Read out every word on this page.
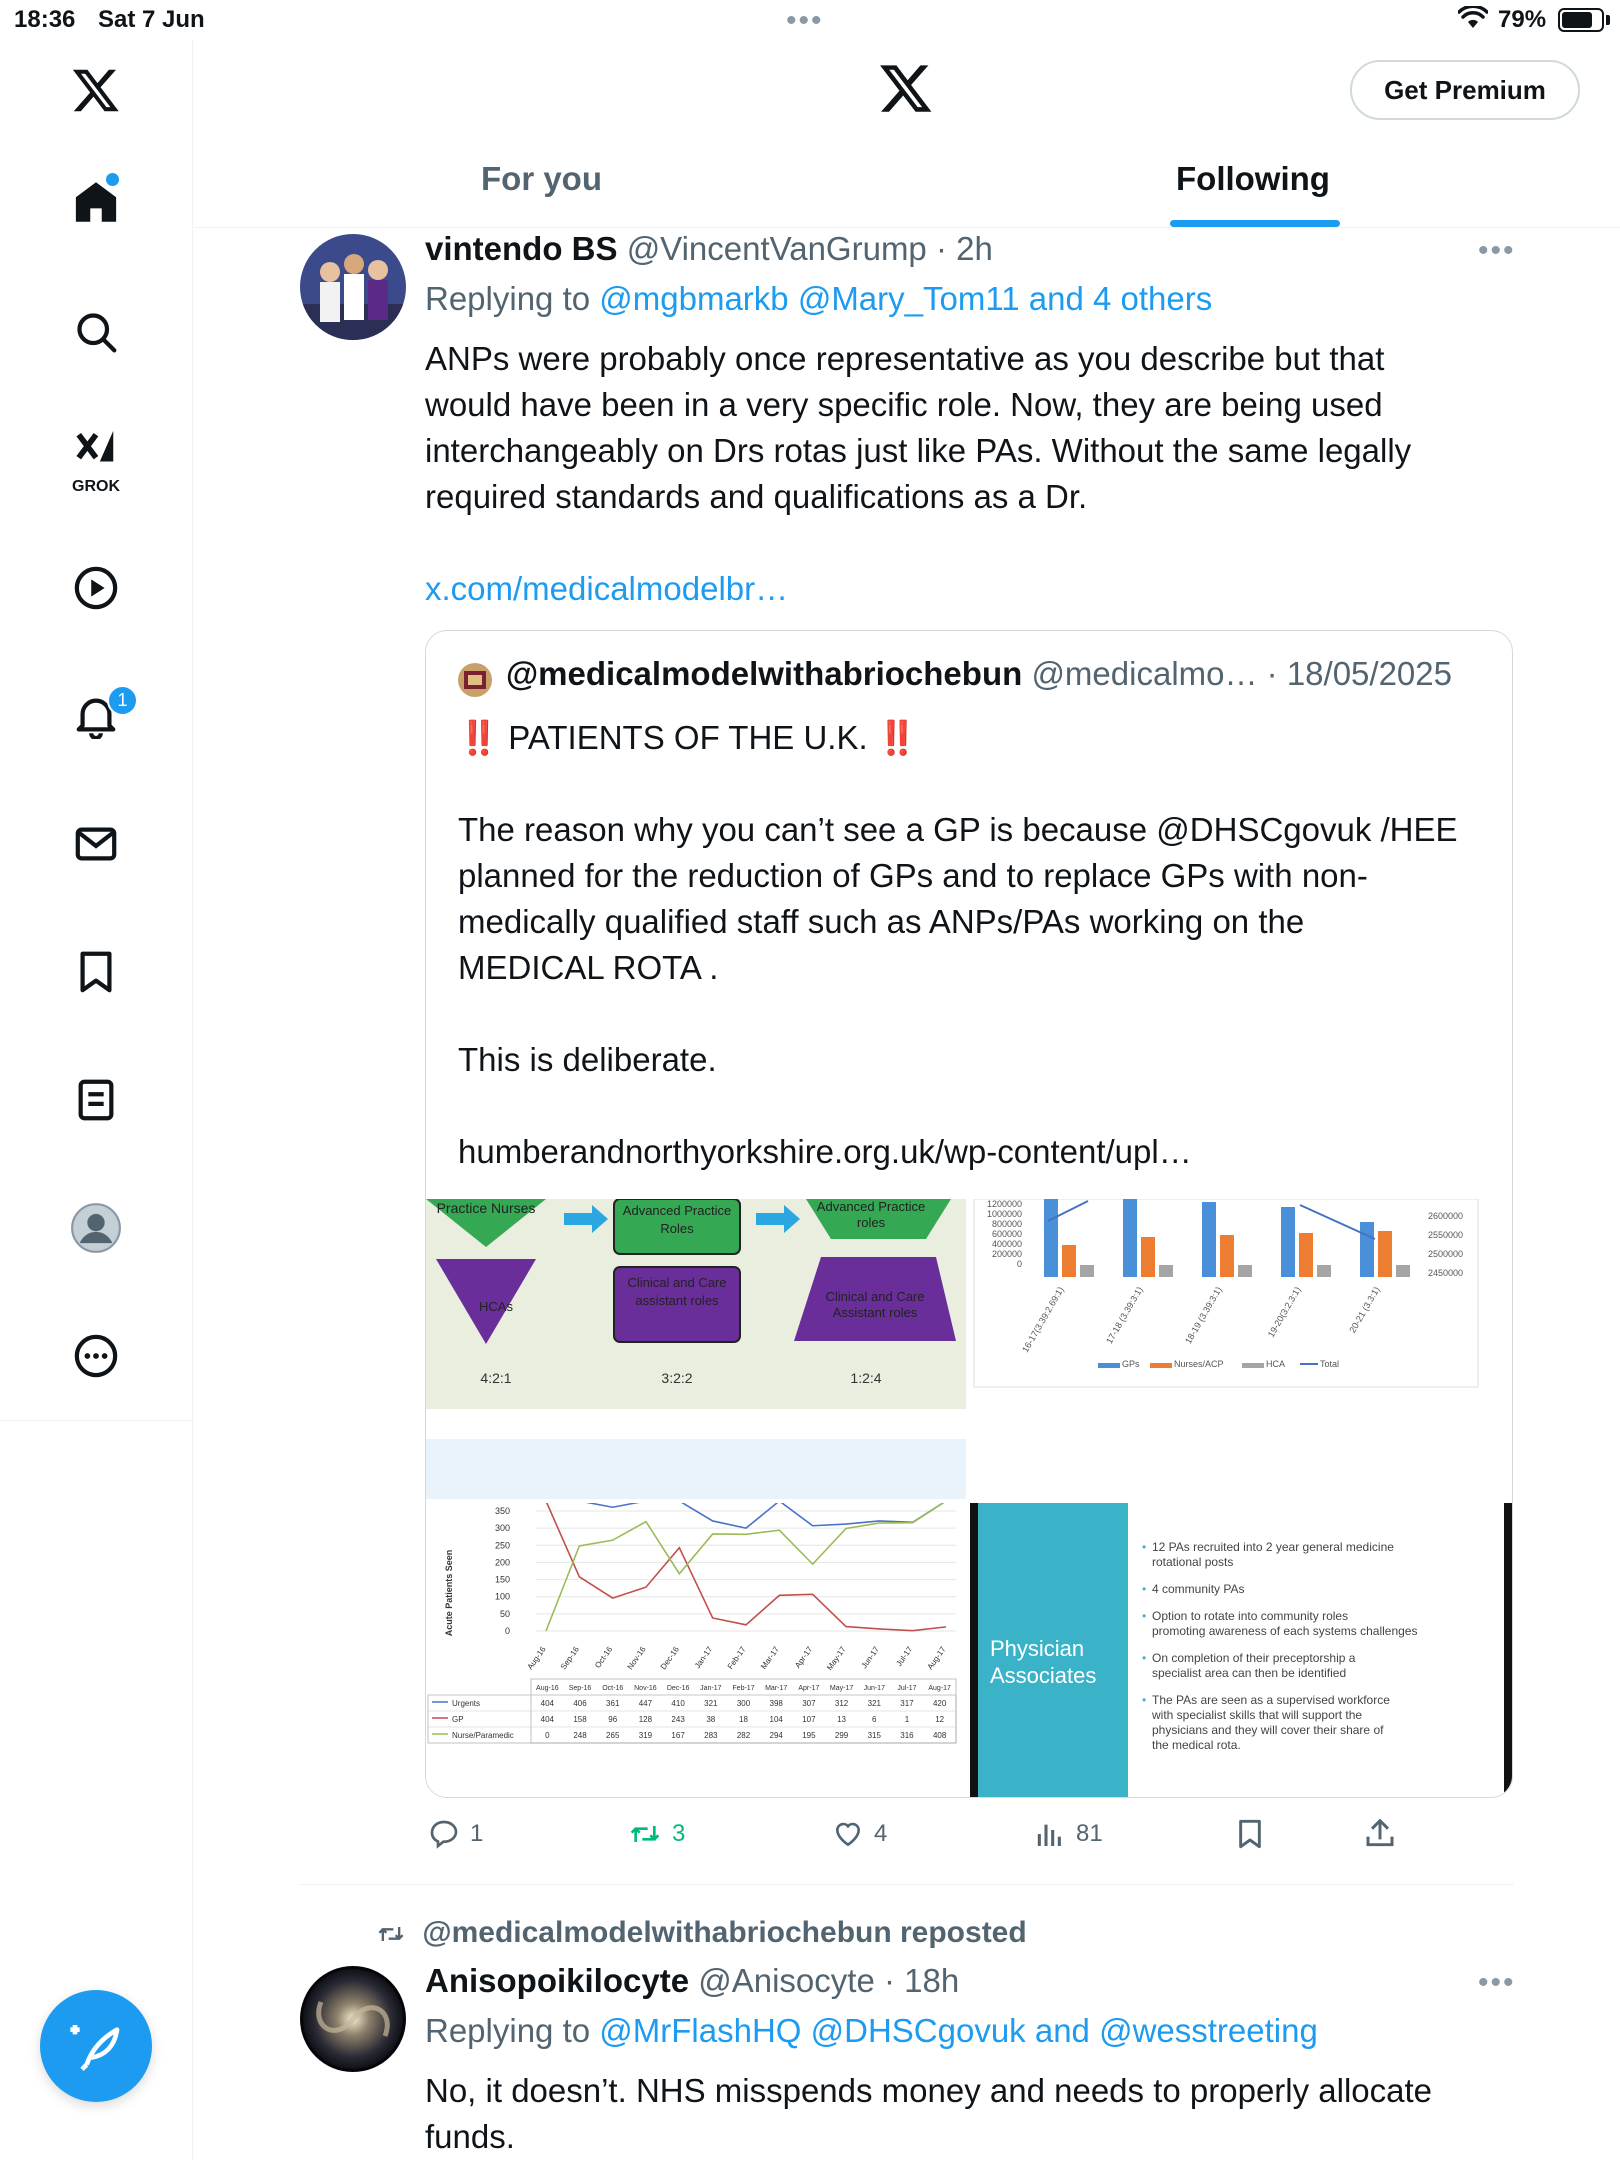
18:36 Sat 7 Jun	•••	79%
GROK
1
Get Premium
For you	Following
vintendo BS @VincentVanGrump · 2h	•••
Replying to @mgbmarkb @Mary_Tom11 and 4 others
ANPs were probably once representative as you describe but that
would have been in a very specific role. Now, they are being used
interchangeably on Drs rotas just like PAs. Without the same legally
required standards and qualifications as a Dr.
x.com/medicalmodelbr…
@medicalmodelwithabriochebun @medicalmo… · 18/05/2025
‼️ PATIENTS OF THE U.K. ‼️
The reason why you can’t see a GP is because @DHSCgovuk /HEE
planned for the reduction of GPs and to replace GPs with non-
medically qualified staff such as ANPs/PAs working on the
MEDICAL ROTA .
This is deliberate.
humberandnorthyorkshire.org.uk/wp-content/upl…
Practice Nurses	Advanced Practice Roles
Advanced Practice roles
HCAs
Clinical and Care assistant roles	Clinical and Care Assistant roles
4:2:1	3:2:2	1:2:4
1200000
1000000
800000
600000
400000
200000
0
2600000
2550000
2500000
2450000
16-17(3.39:2.69:1)	17-18 (3.39:3:1)	18-19 (3.39:3:1)	19-20(3:2.3:1)	20-21 (3.3:1)
GPs	Nurses/ACP	HCA	Total
Acute Patients Seen
350
300
250
200
150
100
50
0
Aug-16 Sep-16 Oct-16 Nov-16 Dec-16 Jan-17 Feb-17 Mar-17 Apr-17 May-17 Jun-17 Jul-17 Aug-17
Aug-16 Sep-16 Oct-16 Nov-16 Dec-16 Jan-17 Feb-17 Mar-17 Apr-17 May-17 Jun-17 Jul-17 Aug-17
Urgents	404 406 361 447 410 321 300 398 307 312 321 317 420
GP	404 158	96	128 243	38	18	104 107	13	6	1	12
Nurse/Paramedic	0	248 265 319 167 283 282 294 195 299 315 316 408
Physician
Associates
• 12 PAs recruited into 2 year general medicine
rotational posts
• 4 community PAs
• Option to rotate into community roles
promoting awareness of each systems challenges
• On completion of their preceptorship a
specialist area can then be identified
• The PAs are seen as a supervised workforce
with specialist skills that will support the
physicians and they will cover their share of
the medical rota.
1	3	4	81
@medicalmodelwithabriochebun reposted
Anisopoikilocyte @Anisocyte · 18h	•••
Replying to @MrFlashHQ @DHSCgovuk and @wesstreeting
No, it doesn’t. NHS misspends money and needs to properly allocate
funds.
